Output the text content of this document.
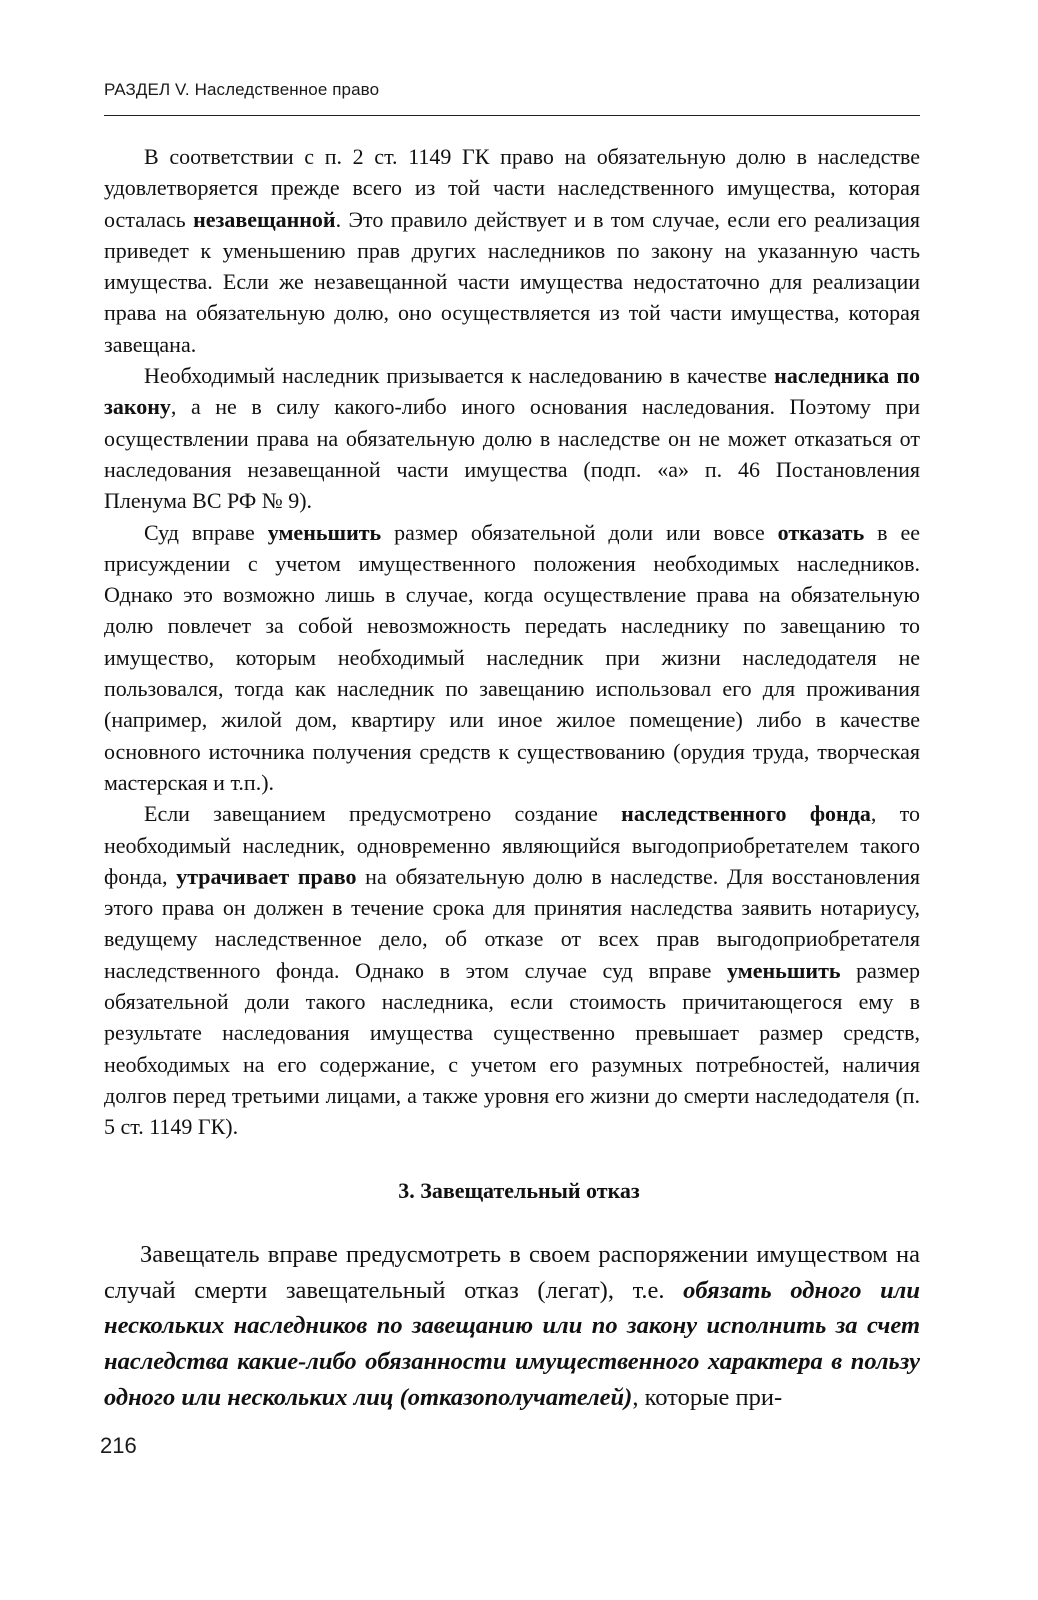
РАЗДЕЛ V. Наследственное право

В соответствии с п. 2 ст. 1149 ГК право на обязательную долю в наследстве удовлетворяется прежде всего из той части наследственного имущества, которая осталась незавещанной. Это правило действует и в том случае, если его реализация приведет к уменьшению прав других наследников по закону на указанную часть имущества. Если же незавещанной части имущества недостаточно для реализации права на обязательную долю, оно осуществляется из той части имущества, которая завещана.

Необходимый наследник призывается к наследованию в качестве наследника по закону, а не в силу какого-либо иного основания наследования. Поэтому при осуществлении права на обязательную долю в наследстве он не может отказаться от наследования незавещанной части имущества (подп. «а» п. 46 Постановления Пленума ВС РФ № 9).

Суд вправе уменьшить размер обязательной доли или вовсе отказать в ее присуждении с учетом имущественного положения необходимых наследников. Однако это возможно лишь в случае, когда осуществление права на обязательную долю повлечет за собой невозможность передать наследнику по завещанию то имущество, которым необходимый наследник при жизни наследодателя не пользовался, тогда как наследник по завещанию использовал его для проживания (например, жилой дом, квартиру или иное жилое помещение) либо в качестве основного источника получения средств к существованию (орудия труда, творческая мастерская и т.п.).

Если завещанием предусмотрено создание наследственного фонда, то необходимый наследник, одновременно являющийся выгодоприобретателем такого фонда, утрачивает право на обязательную долю в наследстве. Для восстановления этого права он должен в течение срока для принятия наследства заявить нотариусу, ведущему наследственное дело, об отказе от всех прав выгодоприобретателя наследственного фонда. Однако в этом случае суд вправе уменьшить размер обязательной доли такого наследника, если стоимость причитающегося ему в результате наследования имущества существенно превышает размер средств, необходимых на его содержание, с учетом его разумных потребностей, наличия долгов перед третьими лицами, а также уровня его жизни до смерти наследодателя (п. 5 ст. 1149 ГК).

3. Завещательный отказ

Завещатель вправе предусмотреть в своем распоряжении имуществом на случай смерти завещательный отказ (легат), т.е. обязать одного или нескольких наследников по завещанию или по закону исполнить за счет наследства какие-либо обязанности имущественного характера в пользу одного или нескольких лиц (отказополучателей), которые при-

216
